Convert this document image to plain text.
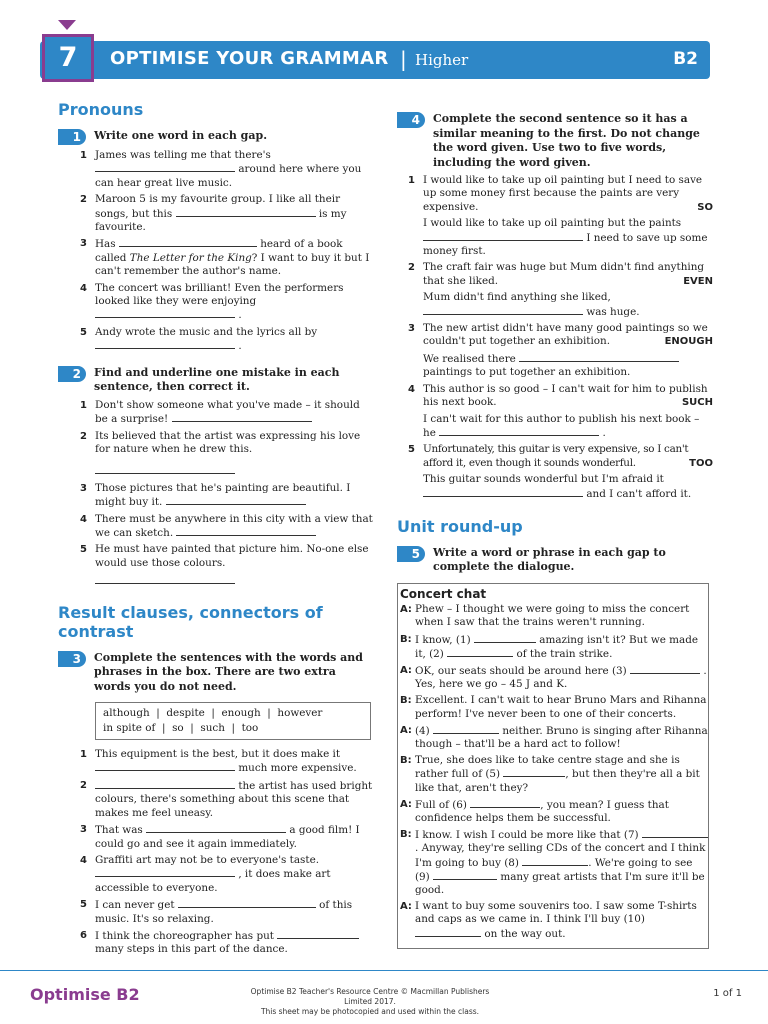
7	OPTIMISE YOUR GRAMMAR | Higher	B2
Pronouns
1	Write one word in each gap.
1 James was telling me that there's
around here where you can hear great live music.
2 Maroon 5 is my favourite group. I like all their songs, but this	is my favourite.
3 Has	heard of a book called The Letter for the King? I want to buy it but I can't remember the author's name.
4 The concert was brilliant! Even the performers looked like they were enjoying
.
5 Andy wrote the music and the lyrics all by
.
2	Find and underline one mistake in each sentence, then correct it.
1 Don't show someone what you've made – it should be a surprise!
2 Its believed that the artist was expressing his love for nature when he drew this.

3 Those pictures that he's painting are beautiful. I might buy it.
4 There must be anywhere in this city with a view that we can sketch.
5 He must have painted that picture him. No-one else would use those colours.

Result clauses, connectors of contrast
3	Complete the sentences with the words and phrases in the box. There are two extra words you do not need.
although  |  despite  |  enough  |  however
in spite of  |  so  |  such  |  too
1 This equipment is the best, but it does make it
much more expensive.
2	the artist has used bright colours, there's something about this scene that makes me feel uneasy.
3 That was	a good film! I could go and see it again immediately.
4 Graffiti art may not be to everyone's taste.
, it does make art accessible to everyone.
5 I can never get	of this music. It's so relaxing.
6 I think the choreographer has put  many steps in this part of the dance.
4	Complete the second sentence so it has a similar meaning to the first. Do not change the word given. Use two to five words, including the word given.
1 I would like to take up oil painting but I need to save up some money first because the paints are very expensive.	SO
I would like to take up oil painting but the paints
I need to save up some money first.
2 The craft fair was huge but Mum didn't find anything that she liked.	EVEN
Mum didn't find anything she liked,
was huge.
3 The new artist didn't have many good paintings so we couldn't put together an exhibition.	ENOUGH
We realised there
paintings to put together an exhibition.
4 This author is so good – I can't wait for him to publish his next book.	SUCH
I can't wait for this author to publish his next book – he	.
5 Unfortunately, this guitar is very expensive, so I can't afford it, even though it sounds wonderful.	TOO
This guitar sounds wonderful but I'm afraid it
and I can't afford it.
Unit round-up
5	Write a word or phrase in each gap to complete the dialogue.
Concert chat
A: Phew – I thought we were going to miss the concert when I saw that the trains weren't running.
B: I know, (1)	amazing isn't it? But we made it, (2)	of the train strike.
A: OK, our seats should be around here (3)	. Yes, here we go – 45 J and K.
B: Excellent. I can't wait to hear Bruno Mars and Rihanna perform! I've never been to one of their concerts.
A: (4)	neither. Bruno is singing after Rihanna though – that'll be a hard act to follow!
B: True, she does like to take centre stage and she is rather full of (5)	, but then they're all a bit like that, aren't they?
A: Full of (6)	, you mean? I guess that confidence helps them be successful.
B: I know. I wish I could be more like that (7)  . Anyway, they're selling CDs of the concert and I think I'm going to buy (8)	. We're going to see (9)	many great artists that I'm sure it'll be good.
A: I want to buy some souvenirs too. I saw some T-shirts and caps as we came in. I think I'll buy (10)  on the way out.
Optimise B2	Optimise B2 Teacher's Resource Centre © Macmillan Publishers Limited 2017.
This sheet may be photocopied and used within the class.
1 of 1
